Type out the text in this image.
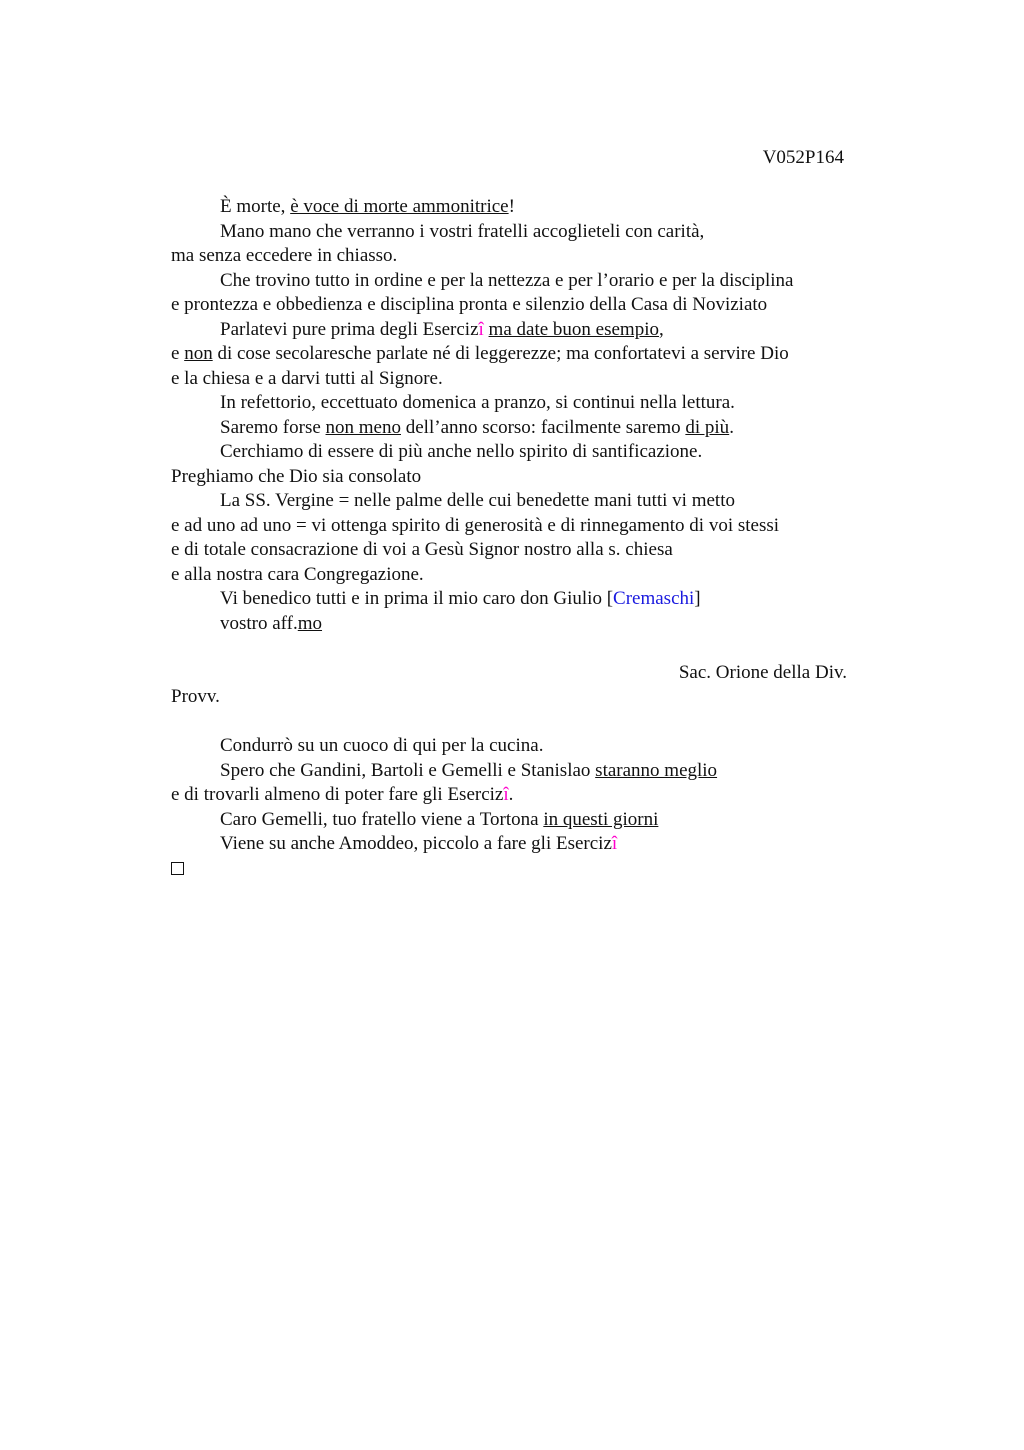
V052P164
È morte, è voce di morte ammonitrice!
Mano mano che verranno i vostri fratelli accoglieteli con carità,
ma senza eccedere in chiasso.
Che trovino tutto in ordine e per la nettezza e per l’orario e per la disciplina
e prontezza e obbedienza e disciplina pronta e silenzio della Casa di Noviziato
Parlatevi pure prima degli Esercizî ma date buon esempio,
e non di cose secolaresche parlate né di leggerezze; ma confortatevi a servire Dio
e la chiesa e a darvi tutti al Signore.
In refettorio, eccettuato domenica a pranzo, si continui nella lettura.
Saremo forse non meno dell’anno scorso: facilmente saremo di più.
Cerchiamo di essere di più anche nello spirito di santificazione.
Preghiamo che Dio sia consolato
La SS. Vergine = nelle palme delle cui benedette mani tutti vi metto
e ad uno ad uno = vi ottenga spirito di generosità e di rinnegamento di voi stessi
e di totale consacrazione di voi a Gesù Signor nostro alla s. chiesa
e alla nostra cara Congregazione.
Vi benedico tutti e in prima il mio caro don Giulio [Cremaschi]
vostro aff.mo
Sac. Orione della Div.
Provv.
Condurrò su un cuoco di qui per la cucina.
Spero che Gandini, Bartoli e Gemelli e Stanislao staranno meglio
e di trovarli almeno di poter fare gli Esercizî.
Caro Gemelli, tuo fratello viene a Tortona in questi giorni
Viene su anche Amoddeo, piccolo a fare gli Esercizî
